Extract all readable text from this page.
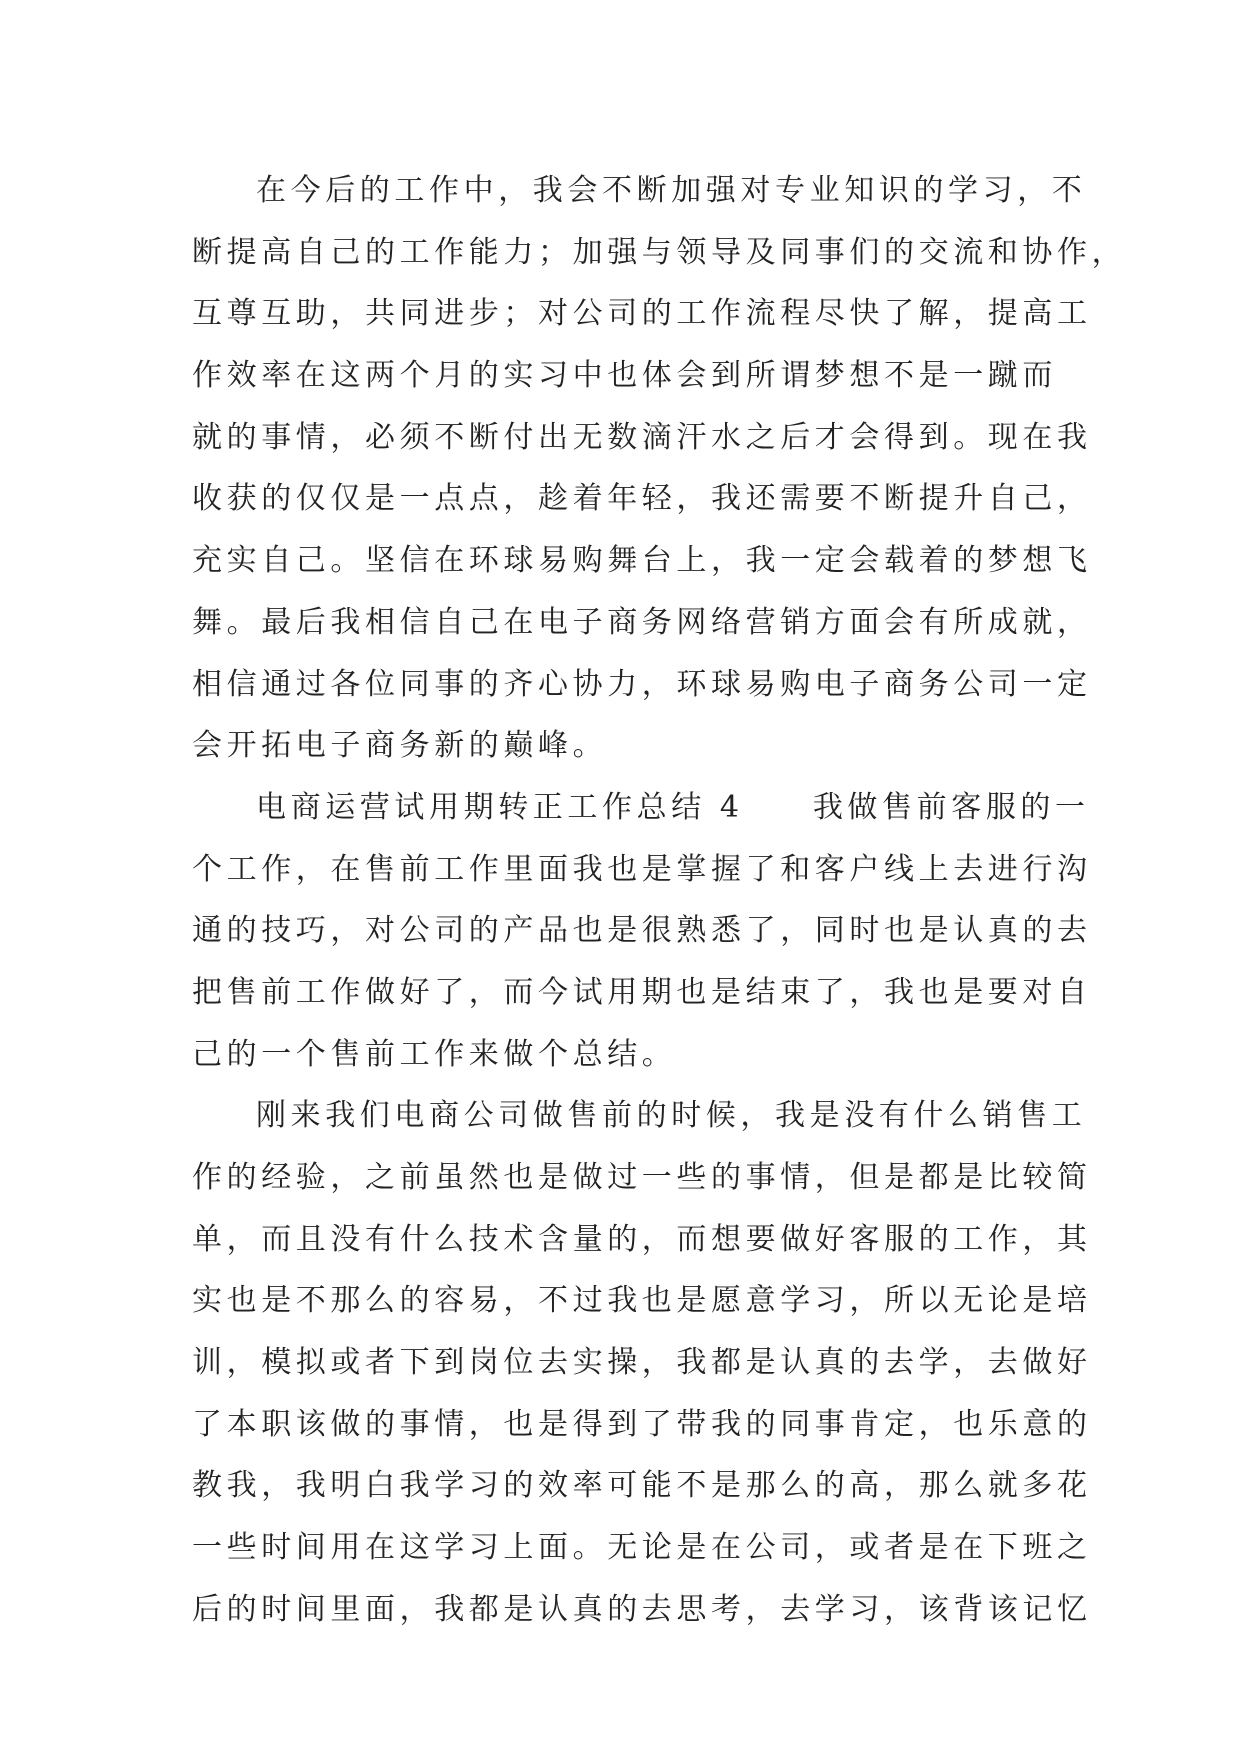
在今后的工作中，我会不断加强对专业知识的学习，不
断提高自己的工作能力；加强与领导及同事们的交流和协作，
互尊互助，共同进步；对公司的工作流程尽快了解，提高工
作效率在这两个月的实习中也体会到所谓梦想不是一蹴而
就的事情，必须不断付出无数滴汗水之后才会得到。现在我
收获的仅仅是一点点，趁着年轻，我还需要不断提升自己，
充实自己。坚信在环球易购舞台上，我一定会载着的梦想飞
舞。最后我相信自己在电子商务网络营销方面会有所成就，
相信通过各位同事的齐心协力，环球易购电子商务公司一定
会开拓电子商务新的巅峰。
电商运营试用期转正工作总结 4　　我做售前客服的一
个工作，在售前工作里面我也是掌握了和客户线上去进行沟
通的技巧，对公司的产品也是很熟悉了，同时也是认真的去
把售前工作做好了，而今试用期也是结束了，我也是要对自
己的一个售前工作来做个总结。
刚来我们电商公司做售前的时候，我是没有什么销售工
作的经验，之前虽然也是做过一些的事情，但是都是比较简
单，而且没有什么技术含量的，而想要做好客服的工作，其
实也是不那么的容易，不过我也是愿意学习，所以无论是培
训，模拟或者下到岗位去实操，我都是认真的去学，去做好
了本职该做的事情，也是得到了带我的同事肯定，也乐意的
教我，我明白我学习的效率可能不是那么的高，那么就多花
一些时间用在这学习上面。无论是在公司，或者是在下班之
后的时间里面，我都是认真的去思考，去学习，该背该记忆
